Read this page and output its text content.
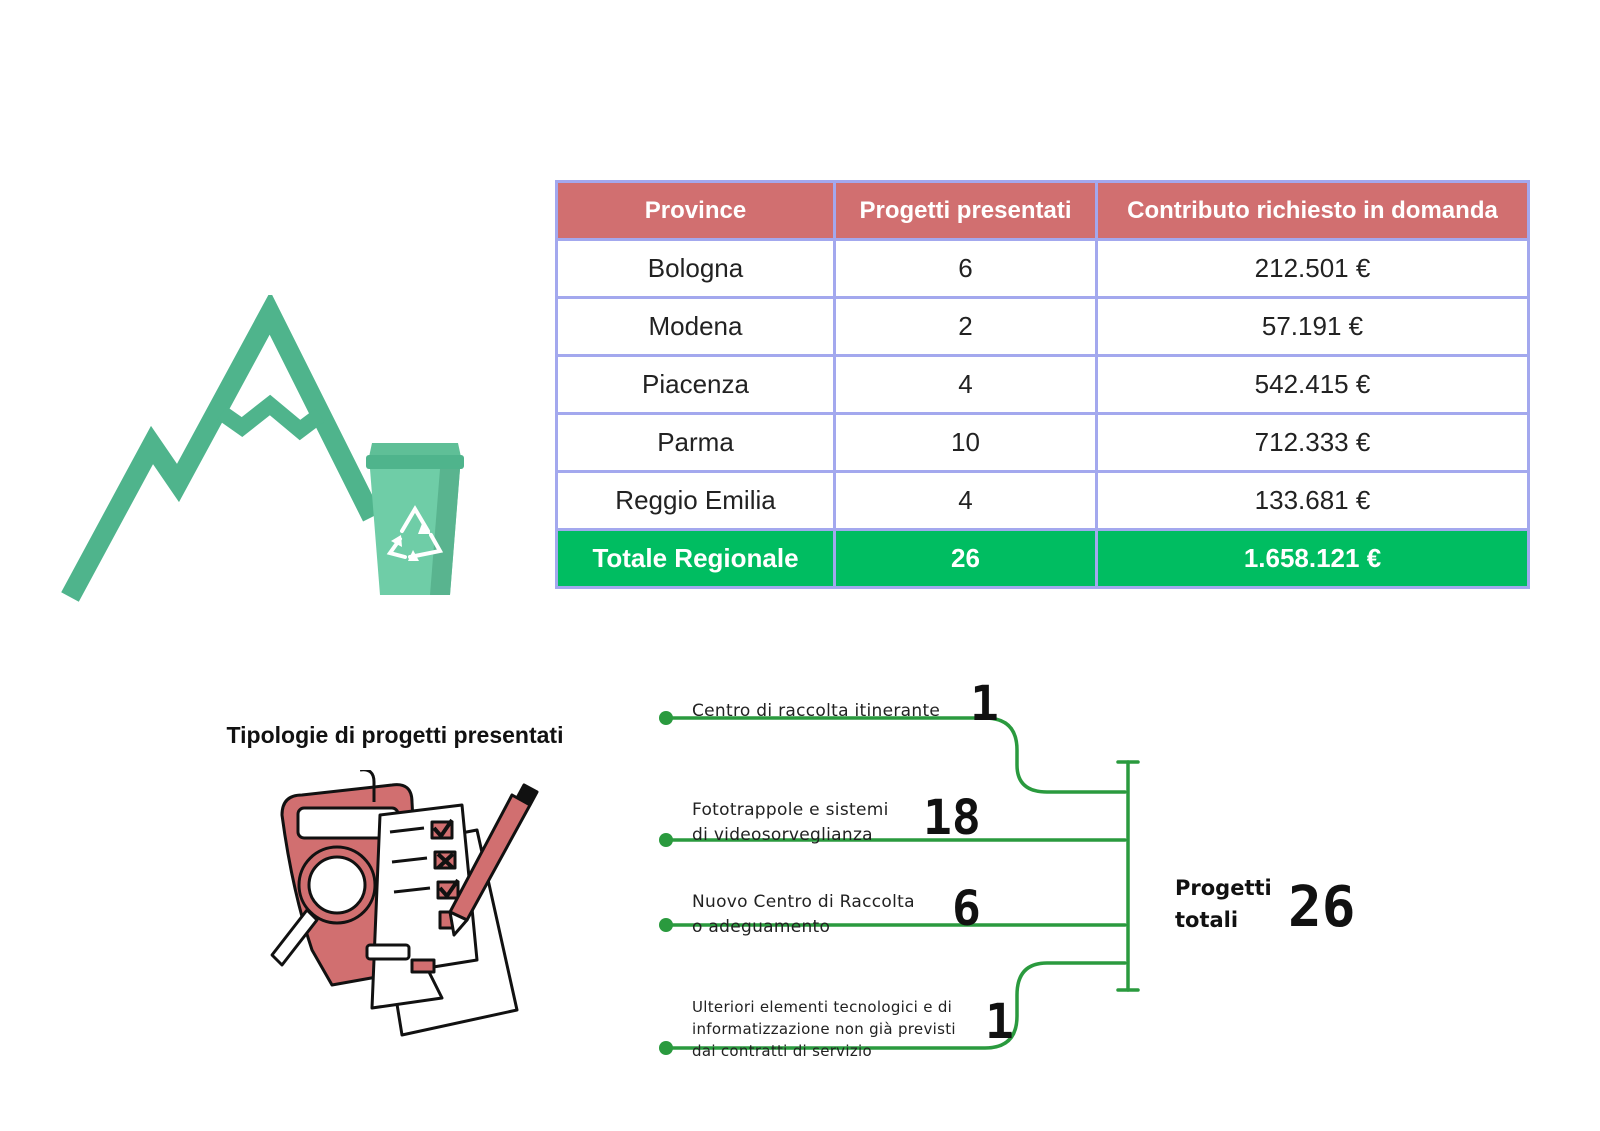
Province	Progetti presentati	Contributo richiesto in domanda
Bologna	6	212.501 €
Modena	2	57.191 €
Piacenza	4	542.415 €
Parma	10	712.333 €
Reggio Emilia	4	133.681 €
Totale Regionale	26	1.658.121 €
Tipologie di progetti presentati
Centro di raccolta itinerante 1
Fototrappole e sistemi
di videosorveglianza	18
Nuovo Centro di Raccolta
o adeguamento	6
Ulteriori elementi tecnologici e di
informatizzazione non già previsti
dai contratti di servizio
1
Progetti
totali 26
